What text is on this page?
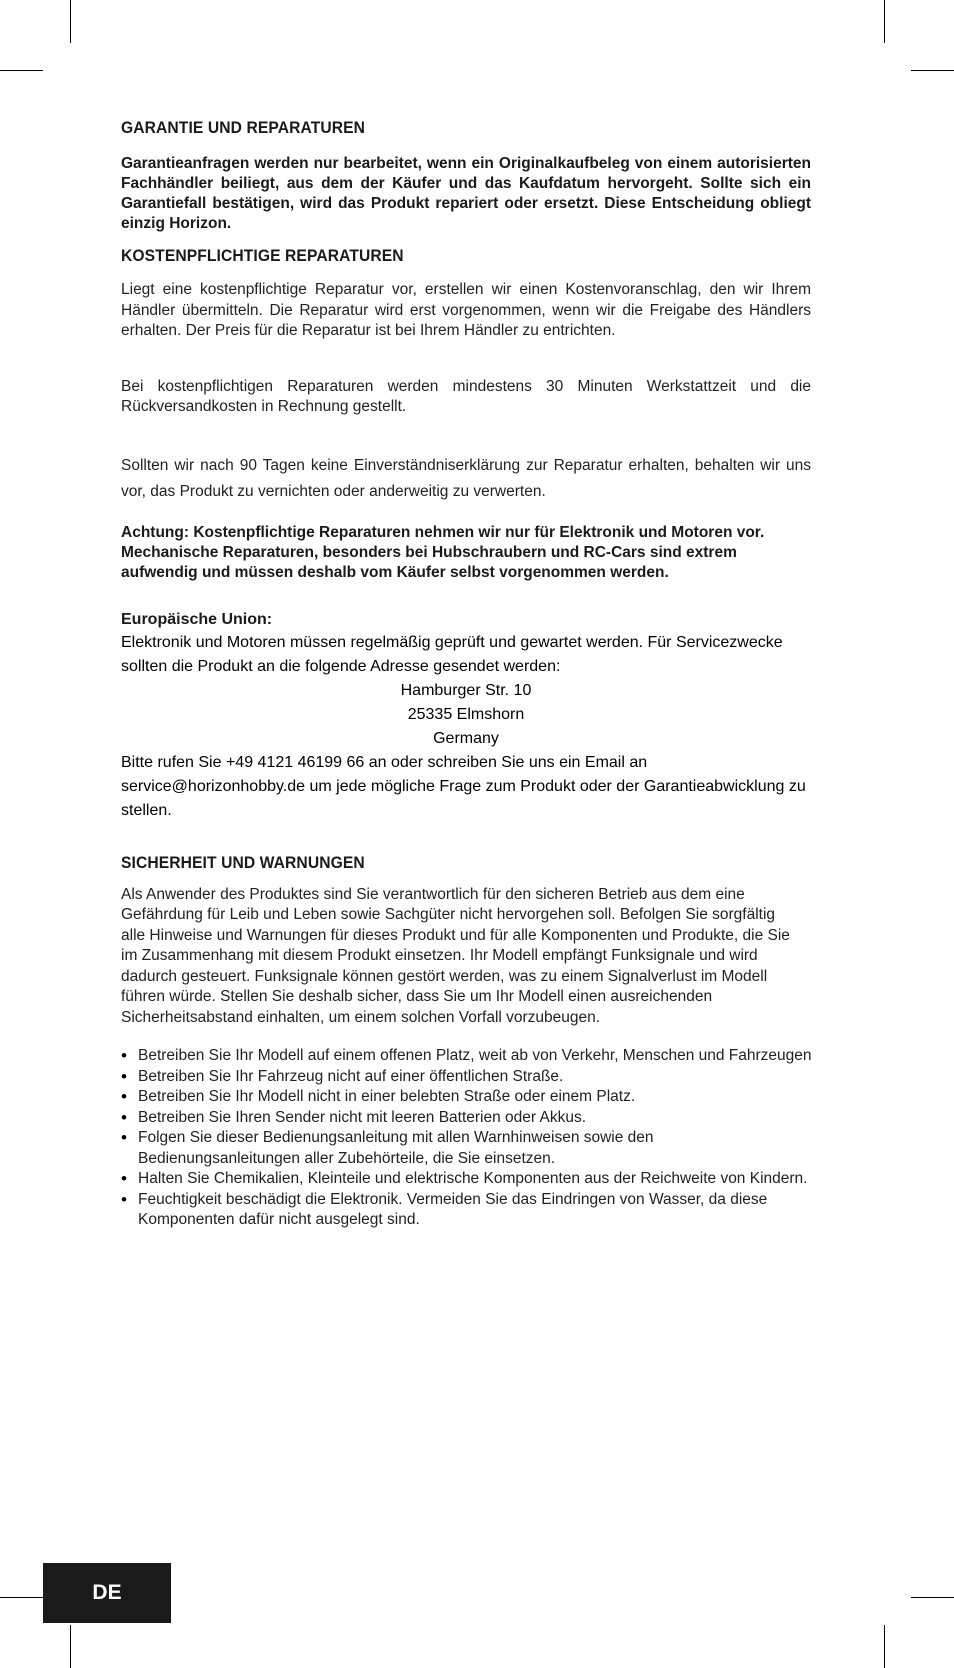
GARANTIE UND REPARATUREN

Garantieanfragen werden nur bearbeitet, wenn ein Originalkaufbeleg von einem autorisierten Fachhändler beiliegt, aus dem der Käufer und das Kaufdatum hervorgeht. Sollte sich ein Garantiefall bestätigen, wird das Produkt repariert oder ersetzt. Diese Entscheidung obliegt einzig Horizon.

KOSTENPFLICHTIGE REPARATUREN

Liegt eine kostenpflichtige Reparatur vor, erstellen wir einen Kostenvoranschlag, den wir Ihrem Händler übermitteln. Die Reparatur wird erst vorgenommen, wenn wir die Freigabe des Händlers erhalten. Der Preis für die Reparatur ist bei Ihrem Händler zu entrichten.

Bei kostenpflichtigen Reparaturen werden mindestens 30 Minuten Werkstattzeit und die Rückversandkosten in Rechnung gestellt.

Sollten wir nach 90 Tagen keine Einverständniserklärung zur Reparatur erhalten, behalten wir uns vor, das Produkt zu vernichten oder anderweitig zu verwerten.

Achtung: Kostenpflichtige Reparaturen nehmen wir nur für Elektronik und Motoren vor. Mechanische Reparaturen, besonders bei Hubschraubern und RC-Cars sind extrem aufwendig und müssen deshalb vom Käufer selbst vorgenommen werden.

Europäische Union:

Elektronik und Motoren müssen regelmäßig geprüft und gewartet werden. Für Servicezwecke sollten die Produkt an die folgende Adresse gesendet werden:

Hamburger Str. 10

25335 Elmshorn

Germany

Bitte rufen Sie +49 4121 46199 66 an oder schreiben Sie uns ein Email an service@horizonhobby.de um jede mögliche Frage zum Produkt oder der Garantieabwicklung zu stellen.

SICHERHEIT UND WARNUNGEN

Als Anwender des Produktes sind Sie verantwortlich für den sicheren Betrieb aus dem eine Gefährdung für Leib und Leben sowie Sachgüter nicht hervorgehen soll. Befolgen Sie sorgfältig alle Hinweise und Warnungen für dieses Produkt und für alle Komponenten und Produkte, die Sie im Zusammenhang mit diesem Produkt einsetzen. Ihr Modell empfängt Funksignale und wird dadurch gesteuert. Funksignale können gestört werden, was zu einem Signalverlust im Modell führen würde. Stellen Sie deshalb sicher, dass Sie um Ihr Modell einen ausreichenden Sicherheitsabstand einhalten, um einem solchen Vorfall vorzubeugen.

• Betreiben Sie Ihr Modell auf einem offenen Platz, weit ab von Verkehr, Menschen und Fahrzeugen
• Betreiben Sie Ihr Fahrzeug nicht auf einer öffentlichen Straße.
• Betreiben Sie Ihr Modell nicht in einer belebten Straße oder einem Platz.
• Betreiben Sie Ihren Sender nicht mit leeren Batterien oder Akkus.
• Folgen Sie dieser Bedienungsanleitung mit allen Warnhinweisen sowie den Bedienungsanleitungen aller Zubehörteile, die Sie einsetzen.
• Halten Sie Chemikalien, Kleinteile und elektrische Komponenten aus der Reichweite von Kindern.
• Feuchtigkeit beschädigt die Elektronik. Vermeiden Sie das Eindringen von Wasser, da diese Komponenten dafür nicht ausgelegt sind.
DE
